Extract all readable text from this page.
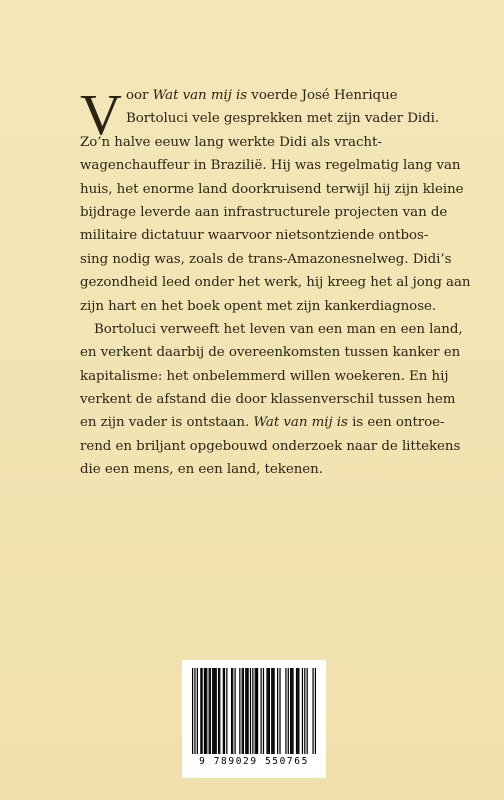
V oor Wat van mij is voerde José Henrique
Bortoluci vele gesprekken met zijn vader Didi.
Zo’n halve eeuw lang werkte Didi als vracht-
wagenchauffeur in Brazilië. Hij was regelmatig lang van
huis, het enorme land doorkruisend terwijl hij zijn kleine
bijdrage leverde aan infrastructurele projecten van de
militaire dictatuur waarvoor nietsontziende ontbos-
sing nodig was, zoals de trans-Amazonesnelweg. Didi’s
gezondheid leed onder het werk, hij kreeg het al jong aan
zijn hart en het boek opent met zijn kankerdiagnose.
Bortoluci verweeft het leven van een man en een land,
en verkent daarbij de overeenkomsten tussen kanker en
kapitalisme: het onbelemmerd willen woekeren. En hij
verkent de afstand die door klassenverschil tussen hem
en zijn vader is ontstaan. Wat van mij is is een ontroe-
rend en briljant opgebouwd onderzoek naar de littekens
die een mens, en een land, tekenen.
9 789029 550765
